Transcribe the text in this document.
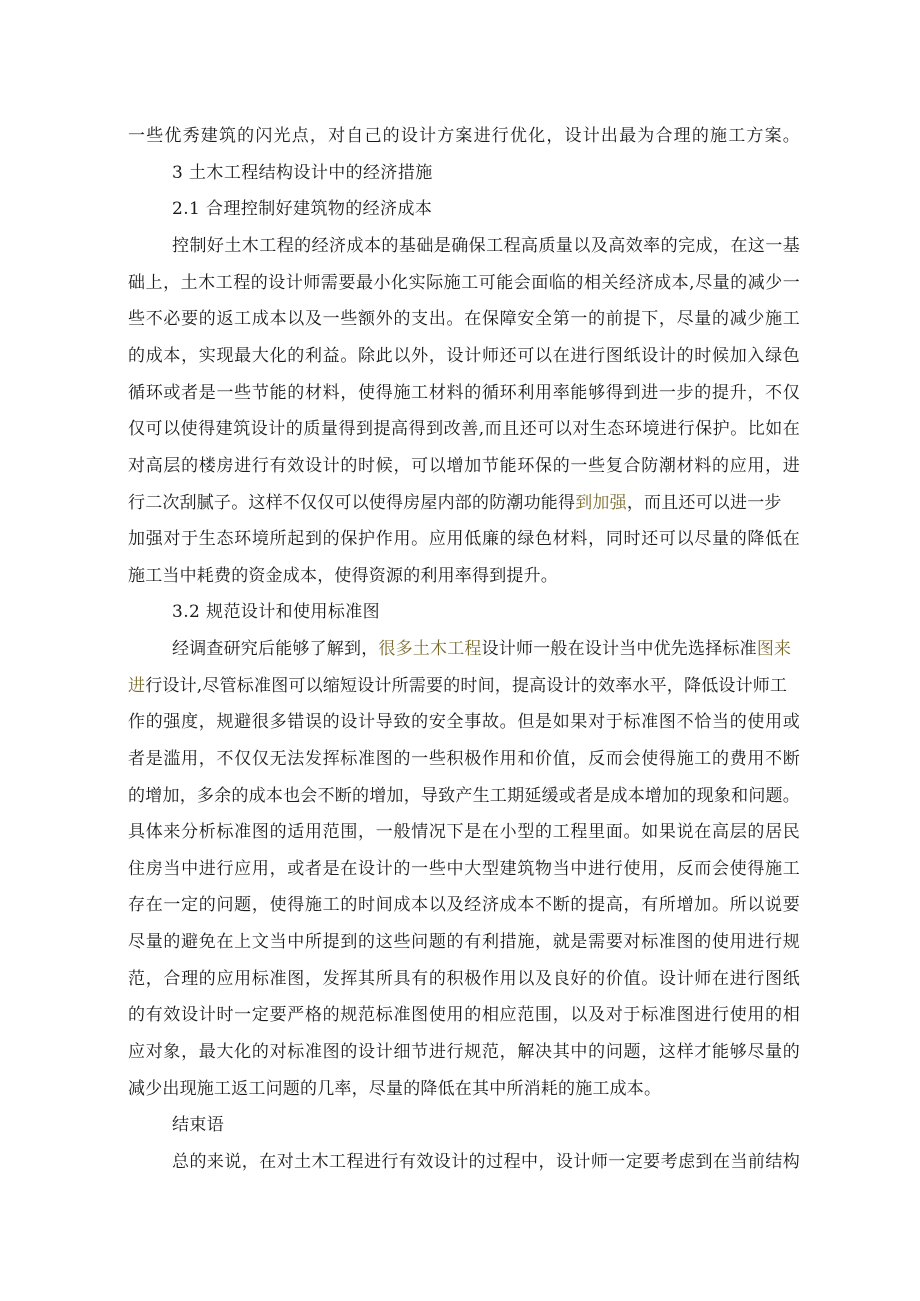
一些优秀建筑的闪光点，对自己的设计方案进行优化，设计出最为合理的施工方案。
3 土木工程结构设计中的经济措施
2.1 合理控制好建筑物的经济成本
控制好土木工程的经济成本的基础是确保工程高质量以及高效率的完成，在这一基
础上，土木工程的设计师需要最小化实际施工可能会面临的相关经济成本,尽量的减少一
些不必要的返工成本以及一些额外的支出。在保障安全第一的前提下，尽量的减少施工
的成本，实现最大化的利益。除此以外，设计师还可以在进行图纸设计的时候加入绿色
循环或者是一些节能的材料，使得施工材料的循环利用率能够得到进一步的提升，不仅
仅可以使得建筑设计的质量得到提高得到改善,而且还可以对生态环境进行保护。比如在
对高层的楼房进行有效设计的时候，可以增加节能环保的一些复合防潮材料的应用，进
行二次刮腻子。这样不仅仅可以使得房屋内部的防潮功能得到加强，而且还可以进一步
加强对于生态环境所起到的保护作用。应用低廉的绿色材料，同时还可以尽量的降低在
施工当中耗费的资金成本，使得资源的利用率得到提升。
3.2 规范设计和使用标准图
经调查研究后能够了解到，很多土木工程设计师一般在设计当中优先选择标准图来
进行设计,尽管标准图可以缩短设计所需要的时间，提高设计的效率水平，降低设计师工
作的强度，规避很多错误的设计导致的安全事故。但是如果对于标准图不恰当的使用或
者是滥用，不仅仅无法发挥标准图的一些积极作用和价值，反而会使得施工的费用不断
的增加，多余的成本也会不断的增加，导致产生工期延缓或者是成本增加的现象和问题。
具体来分析标准图的适用范围，一般情况下是在小型的工程里面。如果说在高层的居民
住房当中进行应用，或者是在设计的一些中大型建筑物当中进行使用，反而会使得施工
存在一定的问题，使得施工的时间成本以及经济成本不断的提高，有所增加。所以说要
尽量的避免在上文当中所提到的这些问题的有利措施，就是需要对标准图的使用进行规
范，合理的应用标准图，发挥其所具有的积极作用以及良好的价值。设计师在进行图纸
的有效设计时一定要严格的规范标准图使用的相应范围，以及对于标准图进行使用的相
应对象，最大化的对标准图的设计细节进行规范，解决其中的问题，这样才能够尽量的
减少出现施工返工问题的几率，尽量的降低在其中所消耗的施工成本。
结束语
总的来说，在对土木工程进行有效设计的过程中，设计师一定要考虑到在当前结构
